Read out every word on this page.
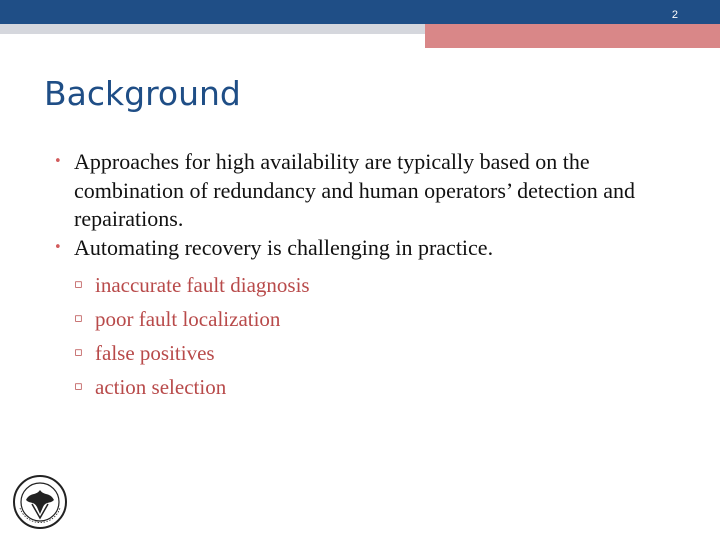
2
Background
• Approaches for high availability are typically based on the combination of redundancy and human operators’ detection and repairations.
• Automating recovery is challenging in practice.
▫ inaccurate fault diagnosis
▫ poor fault localization
▫ false positives
▫ action selection
